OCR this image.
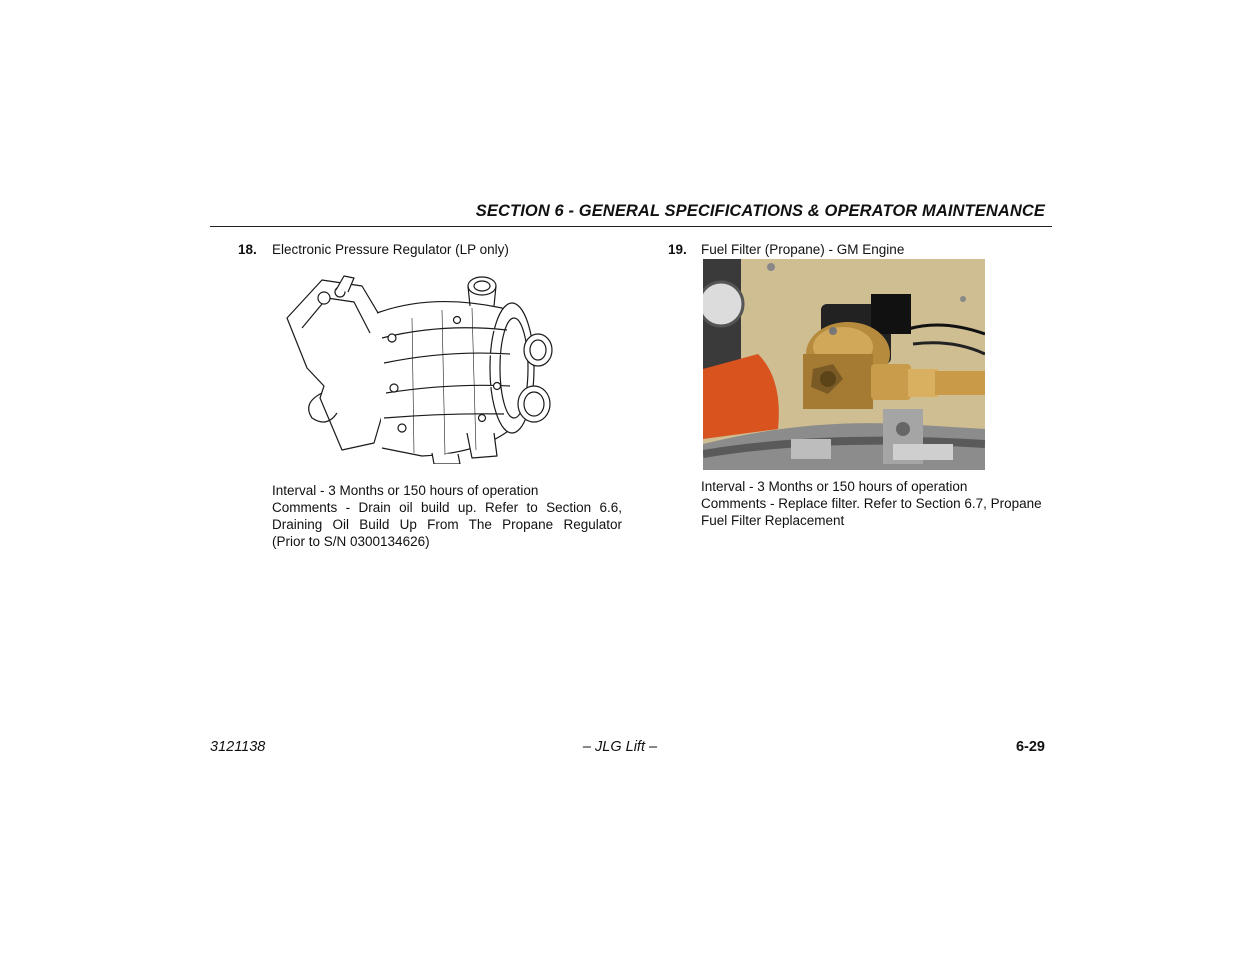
SECTION 6 - GENERAL SPECIFICATIONS & OPERATOR MAINTENANCE
18. Electronic Pressure Regulator (LP only)
Interval - 3 Months or 150 hours of operation
Comments - Drain oil build up. Refer to Section 6.6,
Draining Oil Build Up From The Propane Regulator
(Prior to S/N 0300134626)
19. Fuel Filter (Propane) - GM Engine
Interval - 3 Months or 150 hours of operation
Comments - Replace filter. Refer to Section 6.7, Propane
Fuel Filter Replacement
3121138	– JLG Lift –	6-29
